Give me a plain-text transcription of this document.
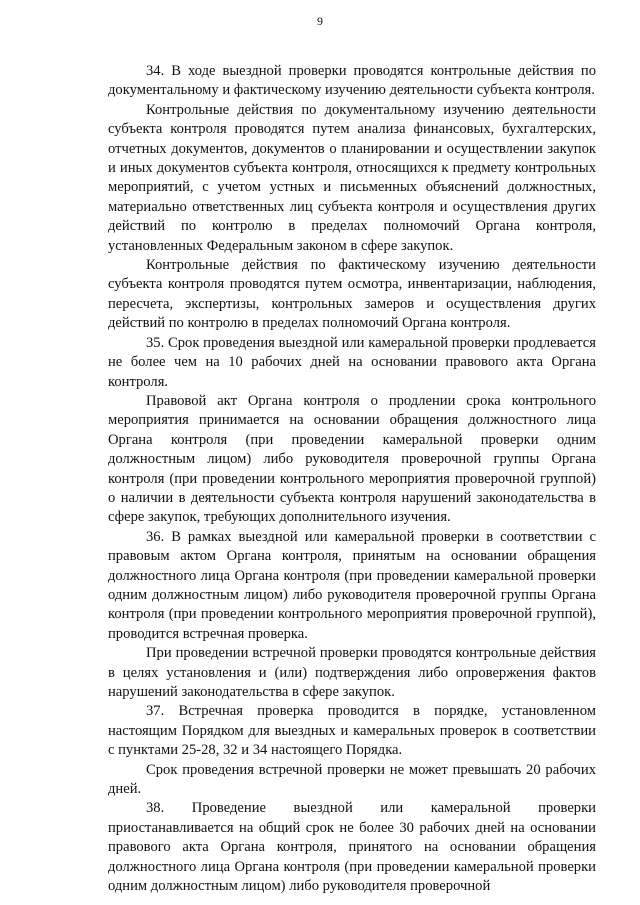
9

34. В ходе выездной проверки проводятся контрольные действия по документальному и фактическому изучению деятельности субъекта контроля.

Контрольные действия по документальному изучению деятельности субъекта контроля проводятся путем анализа финансовых, бухгалтерских, отчетных документов, документов о планировании и осуществлении закупок и иных документов субъекта контроля, относящихся к предмету контрольных мероприятий, с учетом устных и письменных объяснений должностных, материально ответственных лиц субъекта контроля и осуществления других действий по контролю в пределах полномочий Органа контроля, установленных Федеральным законом в сфере закупок.

Контрольные действия по фактическому изучению деятельности субъекта контроля проводятся путем осмотра, инвентаризации, наблюдения, пересчета, экспертизы, контрольных замеров и осуществления других действий по контролю в пределах полномочий Органа контроля.

35. Срок проведения выездной или камеральной проверки продлевается не более чем на 10 рабочих дней на основании правового акта Органа контроля.

Правовой акт Органа контроля о продлении срока контрольного мероприятия принимается на основании обращения должностного лица Органа контроля (при проведении камеральной проверки одним должностным лицом) либо руководителя проверочной группы Органа контроля (при проведении контрольного мероприятия проверочной группой) о наличии в деятельности субъекта контроля нарушений законодательства в сфере закупок, требующих дополнительного изучения.

36. В рамках выездной или камеральной проверки в соответствии с правовым актом Органа контроля, принятым на основании обращения должностного лица Органа контроля (при проведении камеральной проверки одним должностным лицом) либо руководителя проверочной группы Органа контроля (при проведении контрольного мероприятия проверочной группой), проводится встречная проверка.

При проведении встречной проверки проводятся контрольные действия в целях установления и (или) подтверждения либо опровержения фактов нарушений законодательства в сфере закупок.

37. Встречная проверка проводится в порядке, установленном настоящим Порядком для выездных и камеральных проверок в соответствии с пунктами 25-28, 32 и 34 настоящего Порядка.

Срок проведения встречной проверки не может превышать 20 рабочих дней.

38. Проведение выездной или камеральной проверки приостанавливается на общий срок не более 30 рабочих дней на основании правового акта Органа контроля, принятого на основании обращения должностного лица Органа контроля (при проведении камеральной проверки одним должностным лицом) либо руководителя проверочной
